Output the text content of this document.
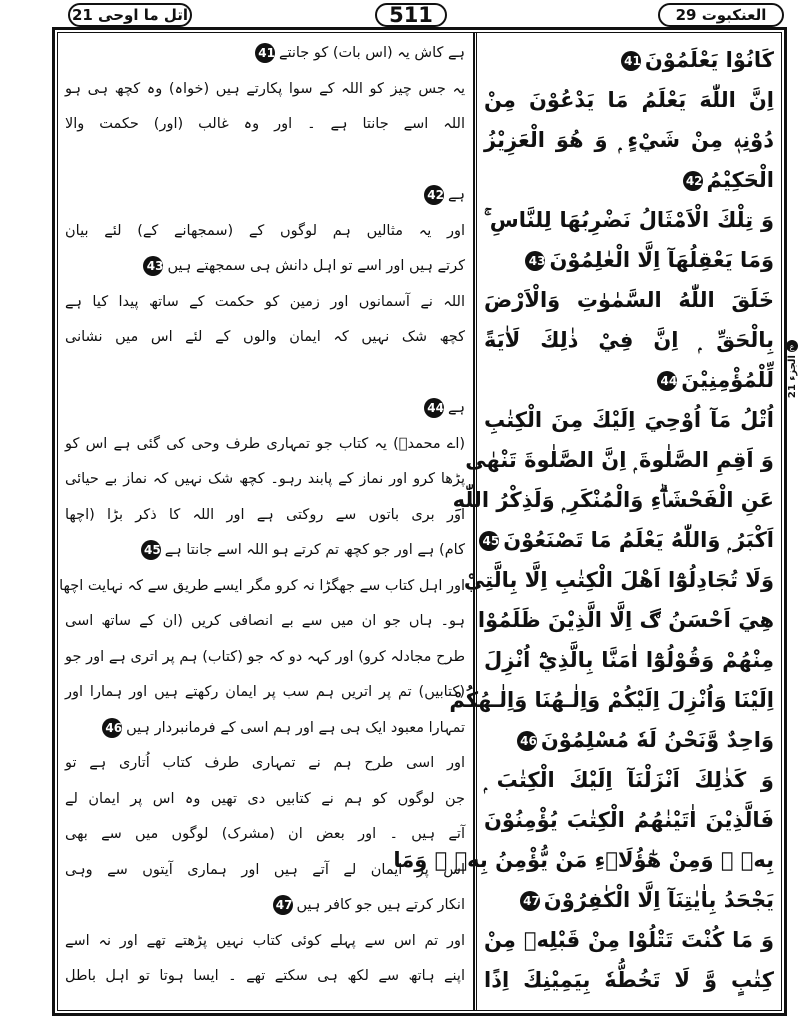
اتل ما اوحی 21	511	العنکبوت 29
ع
الجزء 21
كَانُوْا يَعْلَمُوْنَ41
اِنَّ اللّٰهَ يَعْلَمُ مَا يَدْعُوْنَ مِنْ
دُوْنِهٖ مِنْ شَيْءٍ ۭ وَ هُوَ الْعَزِيْزُ
الْحَكِيْمُ42
وَ تِلْكَ الْاَمْثَالُ نَضْرِبُهَا لِلنَّاسِ ۚ
وَمَا يَعْقِلُهَآ اِلَّا الْعٰلِمُوْنَ43
خَلَقَ اللّٰهُ السَّمٰوٰتِ وَالْاَرْضَ
بِالْحَقِّ ۭ اِنَّ فِيْ ذٰلِكَ لَاٰيَةً
لِّلْمُؤْمِنِيْنَ44
اُتْلُ مَآ اُوْحِيَ اِلَيْكَ مِنَ الْكِتٰبِ
وَ اَقِمِ الصَّلٰوةَ ۭ اِنَّ الصَّلٰوةَ تَنْهٰى
عَنِ الْفَحْشَاۗءِ وَالْمُنْكَرِ ۭ وَلَذِكْرُ اللّٰهِ
اَكْبَرُ ۭ وَاللّٰهُ يَعْلَمُ مَا تَصْنَعُوْنَ45
وَلَا تُجَادِلُوْٓا اَهْلَ الْكِتٰبِ اِلَّا بِالَّتِيْ
هِيَ اَحْسَنُ ڰ اِلَّا الَّذِيْنَ ظَلَمُوْا
مِنْهُمْ وَقُوْلُوْٓا اٰمَنَّا بِالَّذِيْٓ اُنْزِلَ
اِلَيْنَا وَاُنْزِلَ اِلَيْكُمْ وَاِلٰـهُنَا وَاِلٰـهُكُمْ
وَاحِدٌ وَّنَحْنُ لَهٗ مُسْلِمُوْنَ46
وَ كَذٰلِكَ اَنْزَلْنَآ اِلَيْكَ الْكِتٰبَ ۭ
فَالَّذِيْنَ اٰتَيْنٰهُمُ الْكِتٰبَ يُؤْمِنُوْنَ
بِهٖ ۚ وَمِنْ هٰٓؤُلَاۗءِ مَنْ يُّؤْمِنُ بِهٖ ۭ وَمَا
يَجْحَدُ بِاٰيٰتِنَآ اِلَّا الْكٰفِرُوْنَ47
وَ مَا كُنْتَ تَتْلُوْا مِنْ قَبْلِهٖ مِنْ
كِتٰبٍ وَّ لَا تَخُطُّهٗ بِيَمِيْنِكَ اِذًا
ہے کاش یہ (اس بات) کو جانتے41
یہ جس چیز کو اللہ کے سوا پکارتے ہیں (خواہ) وہ کچھ ہی ہو
اللہ اسے جانتا ہے ۔ اور وہ غالب (اور) حکمت والا
ہے42
اور یہ مثالیں ہم لوگوں کے (سمجھانے کے) لئے بیان
کرتے ہیں اور اسے تو اہل دانش ہی سمجھتے ہیں43
اللہ نے آسمانوں اور زمین کو حکمت کے ساتھ پیدا کیا ہے
کچھ شک نہیں کہ ایمان والوں کے لئے اس میں نشانی
ہے44
(اے محمدؐ) یہ کتاب جو تمہاری طرف وحی کی گئی ہے اس کو
پڑھا کرو اور نماز کے پابند رہو۔ کچھ شک نہیں کہ نماز بے حیائی
اور بری باتوں سے روکتی ہے اور اللہ کا ذکر بڑا (اچھا
کام) ہے اور جو کچھ تم کرتے ہو اللہ اسے جانتا ہے45
اور اہل کتاب سے جھگڑا نہ کرو مگر ایسے طریق سے کہ نہایت اچھا
ہو۔ ہاں جو ان میں سے بے انصافی کریں (ان کے ساتھ اسی
طرح مجادلہ کرو) اور کہہ دو کہ جو (کتاب) ہم پر اتری ہے اور جو
(کتابیں) تم پر اتریں ہم سب پر ایمان رکھتے ہیں اور ہمارا اور
تمہارا معبود ایک ہی ہے اور ہم اسی کے فرمانبردار ہیں46
اور اسی طرح ہم نے تمہاری طرف کتاب اُتاری ہے تو
جن لوگوں کو ہم نے کتابیں دی تھیں وہ اس پر ایمان لے
آتے ہیں ۔ اور بعض ان (مشرک) لوگوں میں سے بھی
اس پر ایمان لے آتے ہیں اور ہماری آیتوں سے وہی
انکار کرتے ہیں جو کافر ہیں47
اور تم اس سے پہلے کوئی کتاب نہیں پڑھتے تھے اور نہ اسے
اپنے ہاتھ سے لکھ ہی سکتے تھے ۔ ایسا ہوتا تو اہل باطل
